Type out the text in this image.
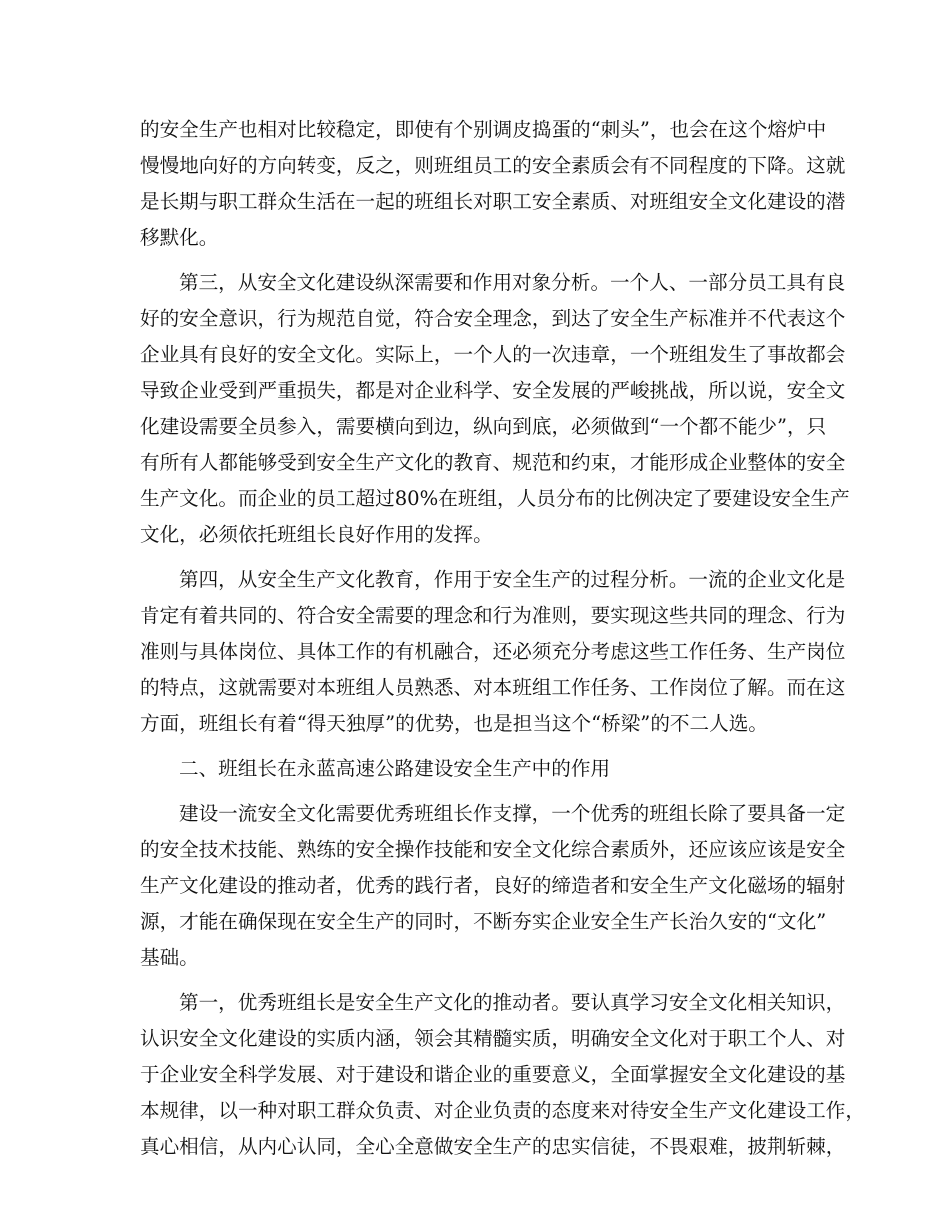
的安全生产也相对比较稳定，即使有个别调皮捣蛋的“刺头”，也会在这个熔炉中
慢慢地向好的方向转变，反之，则班组员工的安全素质会有不同程度的下降。这就
是长期与职工群众生活在一起的班组长对职工安全素质、对班组安全文化建设的潜
移默化。
第三，从安全文化建设纵深需要和作用对象分析。一个人、一部分员工具有良
好的安全意识，行为规范自觉，符合安全理念，到达了安全生产标准并不代表这个
企业具有良好的安全文化。实际上，一个人的一次违章，一个班组发生了事故都会
导致企业受到严重损失，都是对企业科学、安全发展的严峻挑战，所以说，安全文
化建设需要全员参入，需要横向到边，纵向到底，必须做到“一个都不能少”，只
有所有人都能够受到安全生产文化的教育、规范和约束，才能形成企业整体的安全
生产文化。而企业的员工超过80%在班组，人员分布的比例决定了要建设安全生产
文化，必须依托班组长良好作用的发挥。
第四，从安全生产文化教育，作用于安全生产的过程分析。一流的企业文化是
肯定有着共同的、符合安全需要的理念和行为准则，要实现这些共同的理念、行为
准则与具体岗位、具体工作的有机融合，还必须充分考虑这些工作任务、生产岗位
的特点，这就需要对本班组人员熟悉、对本班组工作任务、工作岗位了解。而在这
方面，班组长有着“得天独厚”的优势，也是担当这个“桥梁”的不二人选。
二、班组长在永蓝高速公路建设安全生产中的作用
建设一流安全文化需要优秀班组长作支撑，一个优秀的班组长除了要具备一定
的安全技术技能、熟练的安全操作技能和安全文化综合素质外，还应该应该是安全
生产文化建设的推动者，优秀的践行者，良好的缔造者和安全生产文化磁场的辐射
源，才能在确保现在安全生产的同时，不断夯实企业安全生产长治久安的“文化”
基础。
第一，优秀班组长是安全生产文化的推动者。要认真学习安全文化相关知识，
认识安全文化建设的实质内涵，领会其精髓实质，明确安全文化对于职工个人、对
于企业安全科学发展、对于建设和谐企业的重要意义，全面掌握安全文化建设的基
本规律，以一种对职工群众负责、对企业负责的态度来对待安全生产文化建设工作，
真心相信，从内心认同，全心全意做安全生产的忠实信徒，不畏艰难，披荆斩棘，
